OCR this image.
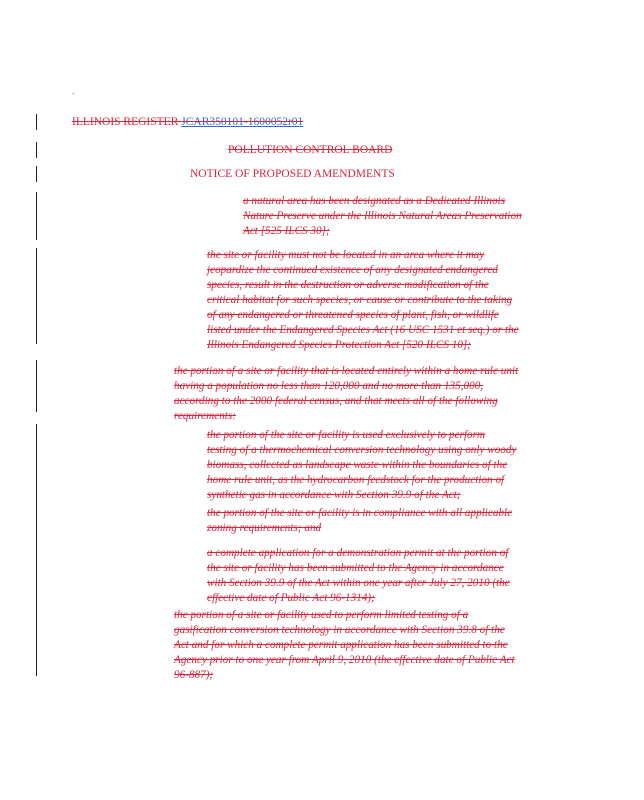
ILLINOIS REGISTER JCAR350101-1600052r01
POLLUTION CONTROL BOARD
NOTICE OF PROPOSED AMENDMENTS
a natural area has been designated as a Dedicated Illinois Nature Preserve under the Illinois Natural Areas Preservation Act [525 ILCS 30];
the site or facility must not be located in an area where it may jeopardize the continued existence of any designated endangered species, result in the destruction or adverse modification of the critical habitat for such species, or cause or contribute to the taking of any endangered or threatened species of plant, fish, or wildlife listed under the Endangered Species Act (16 USC 1531 et seq.) or the Illinois Endangered Species Protection Act [520 ILCS 10];
the portion of a site or facility that is located entirely within a home rule unit having a population no less than 120,000 and no more than 135,000, according to the 2000 federal census, and that meets all of the following requirements:
the portion of the site or facility is used exclusively to perform testing of a thermochemical conversion technology using only woody biomass, collected as landscape waste within the boundaries of the home rule unit, as the hydrocarbon feedstock for the production of synthetic gas in accordance with Section 39.9 of the Act;
the portion of the site or facility is in compliance with all applicable zoning requirements; and
a complete application for a demonstration permit at the portion of the site or facility has been submitted to the Agency in accordance with Section 39.9 of the Act within one year after July 27, 2010 (the effective date of Public Act 96-1314);
the portion of a site or facility used to perform limited testing of a gasification conversion technology in accordance with Section 39.8 of the Act and for which a complete permit application has been submitted to the Agency prior to one year from April 9, 2010 (the effective date of Public Act 96-887);
